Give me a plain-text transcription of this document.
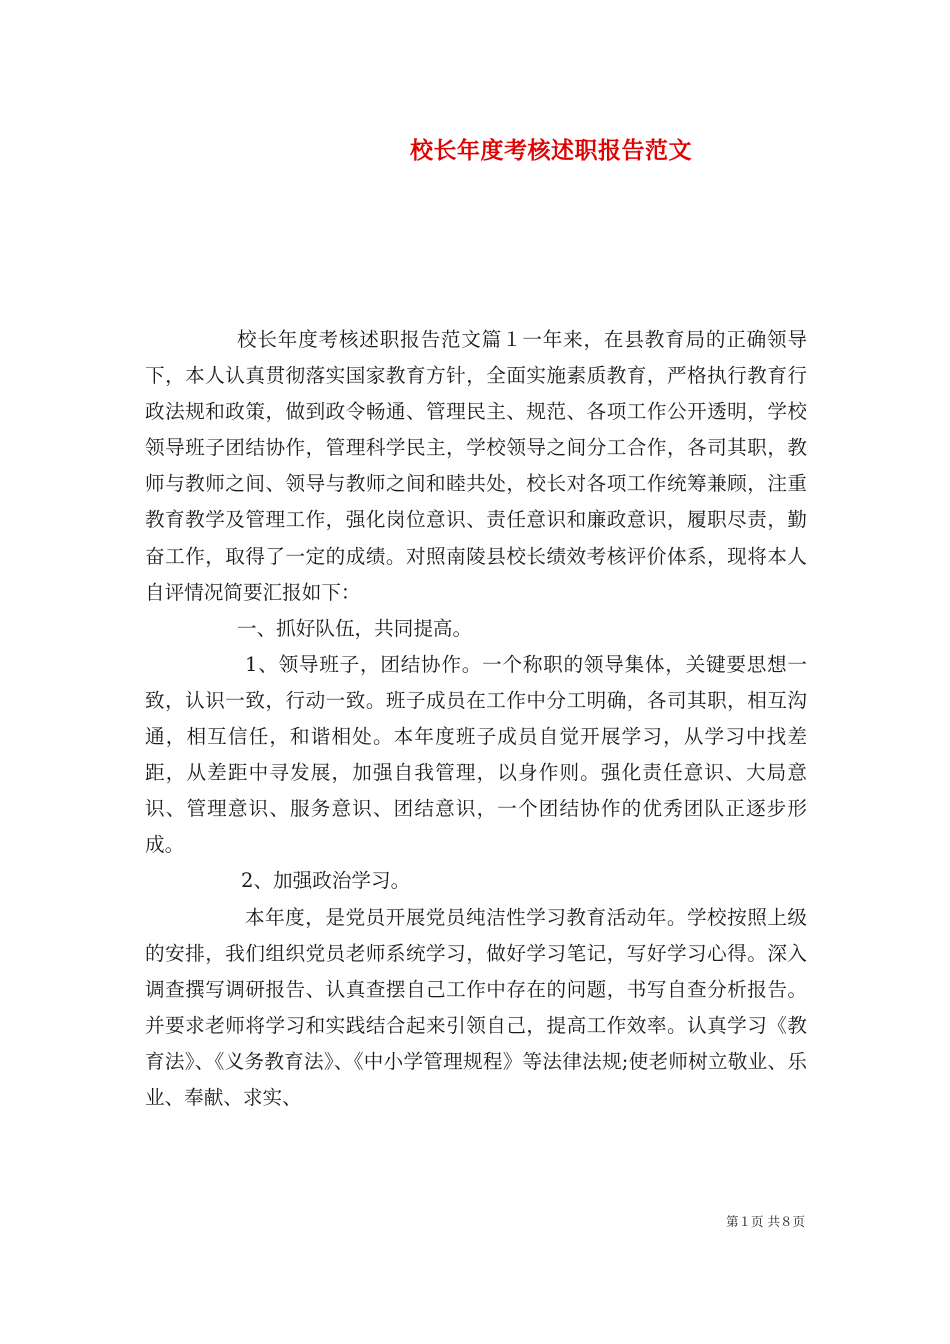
校长年度考核述职报告范文

校长年度考核述职报告范文篇１一年来，在县教育局的正确领导下，本人认真贯彻落实国家教育方针，全面实施素质教育，严格执行教育行政法规和政策，做到政令畅通、管理民主、规范、各项工作公开透明，学校领导班子团结协作，管理科学民主，学校领导之间分工合作，各司其职，教师与教师之间、领导与教师之间和睦共处，校长对各项工作统筹兼顾，注重教育教学及管理工作，强化岗位意识、责任意识和廉政意识，履职尽责，勤奋工作，取得了一定的成绩。对照南陵县校长绩效考核评价体系，现将本人自评情况简要汇报如下：

一、抓好队伍，共同提高。

1、领导班子，团结协作。一个称职的领导集体，关键要思想一致，认识一致，行动一致。班子成员在工作中分工明确，各司其职，相互沟通，相互信任，和谐相处。本年度班子成员自觉开展学习，从学习中找差距，从差距中寻发展，加强自我管理，以身作则。强化责任意识、大局意识、管理意识、服务意识、团结意识，一个团结协作的优秀团队正逐步形成。

2、加强政治学习。

本年度，是党员开展党员纯洁性学习教育活动年。学校按照上级的安排，我们组织党员老师系统学习，做好学习笔记，写好学习心得。深入调查撰写调研报告、认真查摆自己工作中存在的问题，书写自查分析报告。并要求老师将学习和实践结合起来引领自己，提高工作效率。认真学习《教育法》、《义务教育法》、《中小学管理规程》等法律法规;使老师树立敬业、乐业、奉献、求实、

第１页 共８页
